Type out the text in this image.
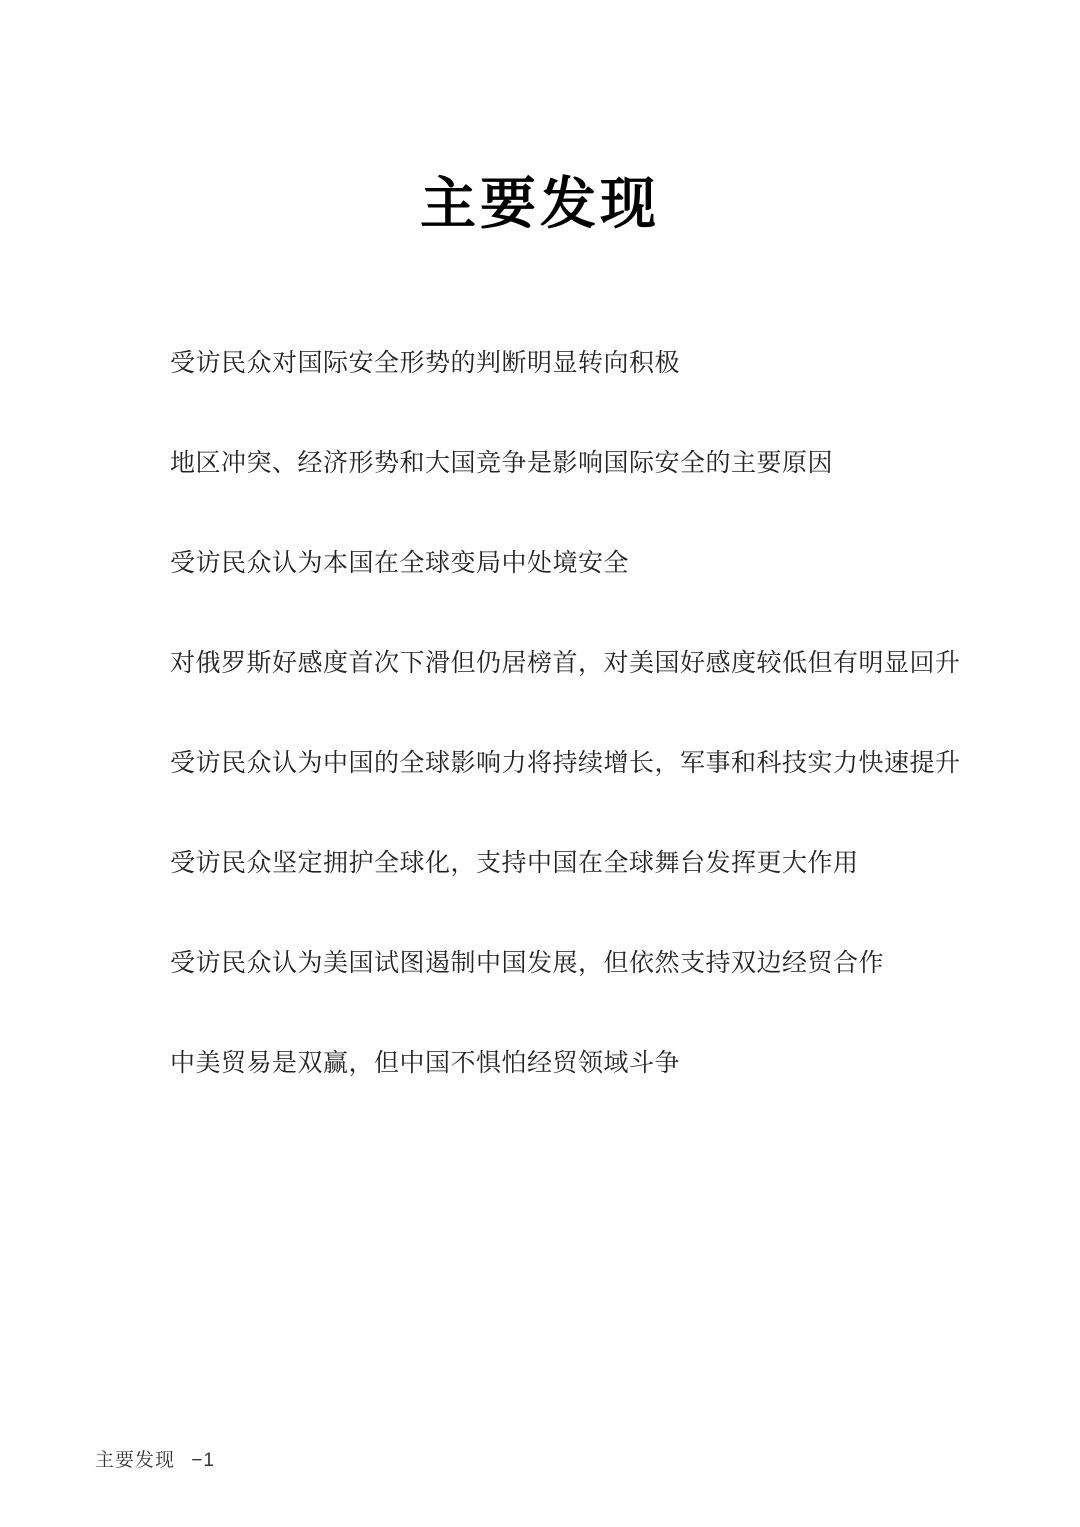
主要发现

受访民众对国际安全形势的判断明显转向积极

地区冲突、经济形势和大国竞争是影响国际安全的主要原因

受访民众认为本国在全球变局中处境安全

对俄罗斯好感度首次下滑但仍居榜首，对美国好感度较低但有明显回升

受访民众认为中国的全球影响力将持续增长，军事和科技实力快速提升

受访民众坚定拥护全球化，支持中国在全球舞台发挥更大作用

受访民众认为美国试图遏制中国发展，但依然支持双边经贸合作

中美贸易是双赢，但中国不惧怕经贸领域斗争

主要发现 −1
